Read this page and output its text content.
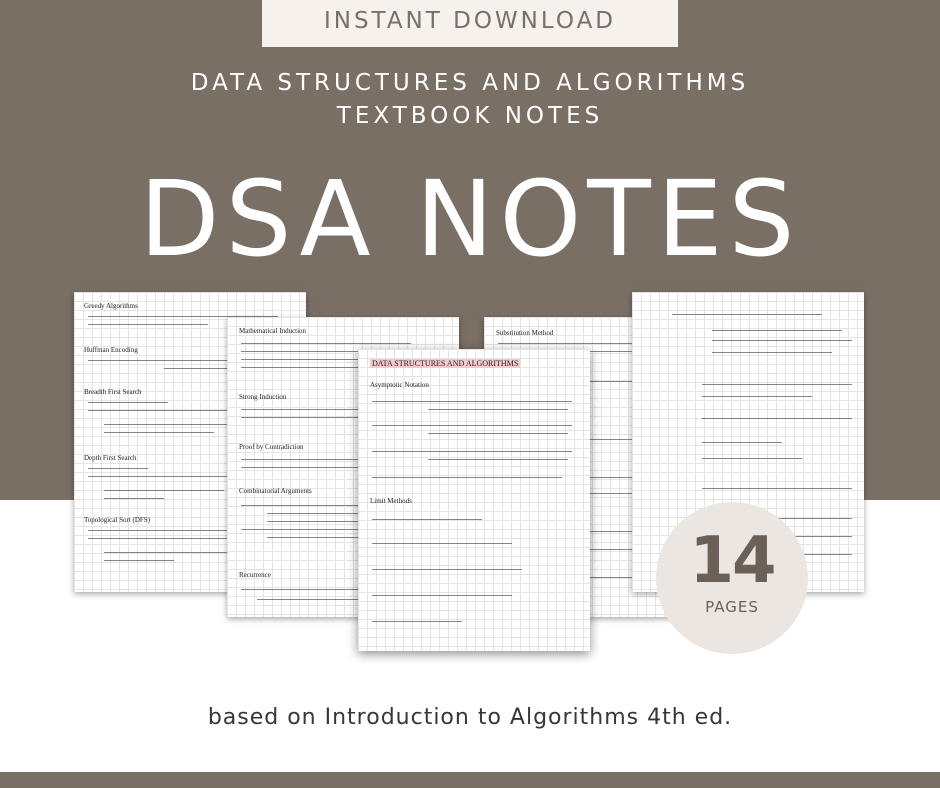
INSTANT DOWNLOAD
DATA STRUCTURES AND ALGORITHMS
TEXTBOOK NOTES
DSA NOTES
Greedy Algorithms
Huffman Encoding
Breadth First Search
Depth First Search
Topological Sort (DFS)
Mathematical Induction
Strong Induction
Proof by Contradiction
Combinatorial Arguments
Recurrence
Substitution Method
DATA STRUCTURES AND ALGORITHMS
Asymptotic Notation
Limit Methods
14
PAGES
based on Introduction to Algorithms 4th ed.
